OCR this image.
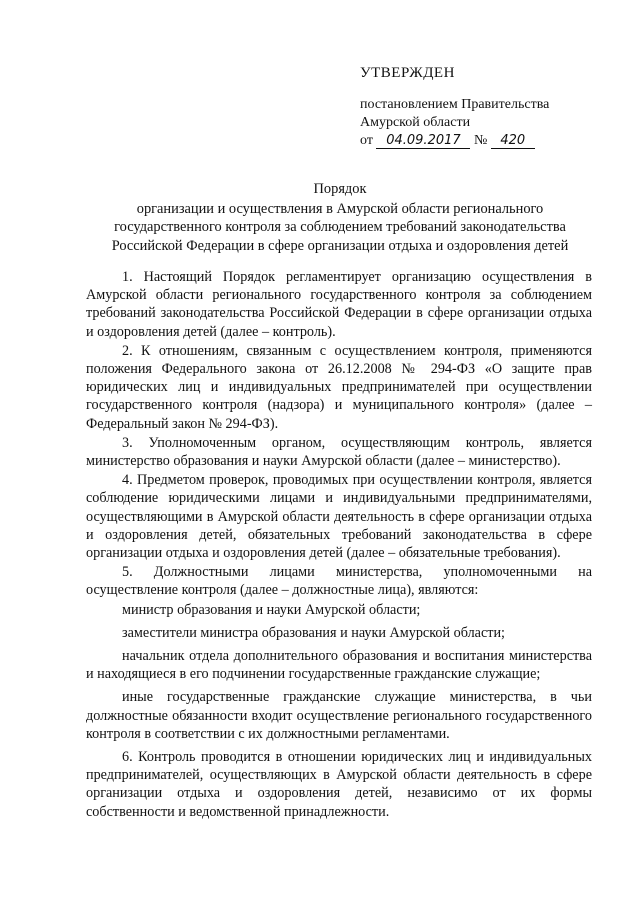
УТВЕРЖДЕН
постановлением Правительства
Амурской области
от 04.09.2017 № 420
Порядок
организации и осуществления в Амурской области регионального
государственного контроля за соблюдением требований законодательства
Российской Федерации в сфере организации отдыха и оздоровления детей

1. Настоящий Порядок регламентирует организацию осуществления в Амурской области регионального государственного контроля за соблюдением требований законодательства Российской Федерации в сфере организации отдыха и оздоровления детей (далее – контроль).

2. К отношениям, связанным с осуществлением контроля, применяются положения Федерального закона от 26.12.2008 № 294-ФЗ «О защите прав юридических лиц и индивидуальных предпринимателей при осуществлении государственного контроля (надзора) и муниципального контроля» (далее – Федеральный закон № 294-ФЗ).

3. Уполномоченным органом, осуществляющим контроль, является министерство образования и науки Амурской области (далее – министерство).

4. Предметом проверок, проводимых при осуществлении контроля, является соблюдение юридическими лицами и индивидуальными предпринимателями, осуществляющими в Амурской области деятельность в сфере организации отдыха и оздоровления детей, обязательных требований законодательства в сфере организации отдыха и оздоровления детей (далее – обязательные требования).

5. Должностными лицами министерства, уполномоченными на осуществление контроля (далее – должностные лица), являются:

министр образования и науки Амурской области;

заместители министра образования и науки Амурской области;

начальник отдела дополнительного образования и воспитания министерства и находящиеся в его подчинении государственные гражданские служащие;

иные государственные гражданские служащие министерства, в чьи должностные обязанности входит осуществление регионального государственного контроля в соответствии с их должностными регламентами.

6. Контроль проводится в отношении юридических лиц и индивидуальных предпринимателей, осуществляющих в Амурской области деятельность в сфере организации отдыха и оздоровления детей, независимо от их формы собственности и ведомственной принадлежности.
